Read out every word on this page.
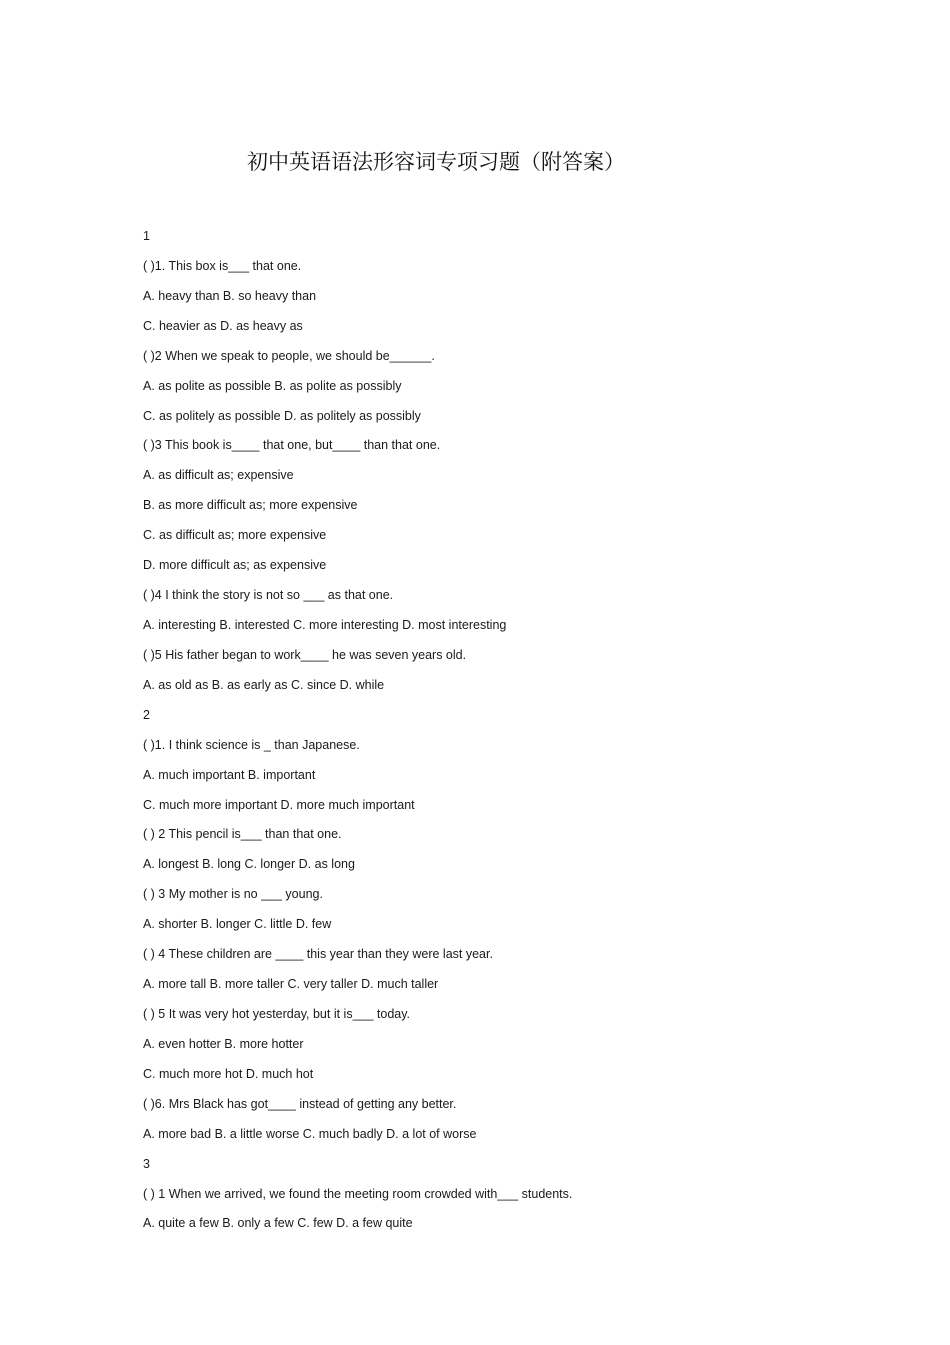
初中英语语法形容词专项习题（附答案）
1
( )1. This box is___ that one.
A. heavy than B. so heavy than
C. heavier as D. as heavy as
( )2 When we speak to people, we should be______.
A. as polite as possible B. as polite as possibly
C. as politely as possible D. as politely as possibly
( )3 This book is____ that one, but____ than that one.
A. as difficult as; expensive
B. as more difficult as; more expensive
C. as difficult as; more expensive
D. more difficult as; as expensive
( )4 I think the story is not so ___ as that one.
A. interesting B. interested C. more interesting D. most interesting
( )5 His father began to work____ he was seven years old.
A. as old as B. as early as C. since D. while
2
( )1. I think science is _ than Japanese.
A. much important B. important
C. much more important D. more much important
( ) 2 This pencil is___ than that one.
A. longest B. long C. longer D. as long
( ) 3 My mother is no ___ young.
A. shorter B. longer C. little D. few
( ) 4 These children are ____ this year than they were last year.
A. more tall B. more taller C. very taller D. much taller
( ) 5 It was very hot yesterday, but it is___ today.
A. even hotter B. more hotter
C. much more hot D. much hot
( )6. Mrs Black has got____ instead of getting any better.
A. more bad B. a little worse C. much badly D. a lot of worse
3
( ) 1 When we arrived, we found the meeting room crowded with___ students.
A. quite a few B. only a few C. few D. a few quite
